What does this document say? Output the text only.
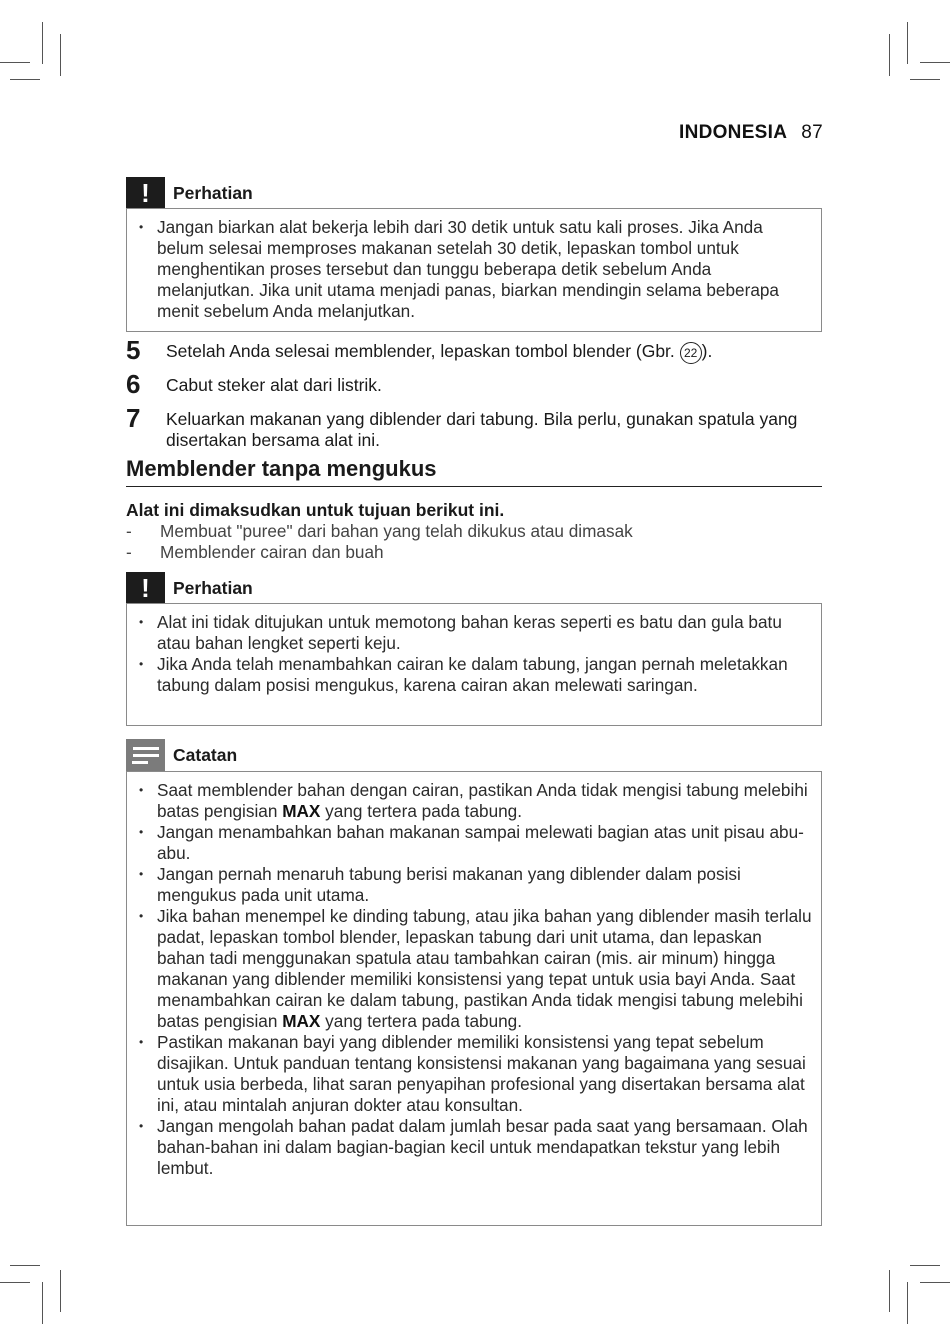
INDONESIA 87
!	Perhatian
• Jangan biarkan alat bekerja lebih dari 30 detik untuk satu kali proses. Jika Anda belum selesai memproses makanan setelah 30 detik, lepaskan tombol untuk menghentikan proses tersebut dan tunggu beberapa detik sebelum Anda melanjutkan. Jika unit utama menjadi panas, biarkan mendingin selama beberapa menit sebelum Anda melanjutkan.
5	Setelah Anda selesai memblender, lepaskan tombol blender (Gbr. 22 ).
6	Cabut steker alat dari listrik.
7	Keluarkan makanan yang diblender dari tabung. Bila perlu, gunakan spatula yang disertakan bersama alat ini.
Memblender tanpa mengukus
Alat ini dimaksudkan untuk tujuan berikut ini.
-	Membuat "puree" dari bahan yang telah dikukus atau dimasak
-	Memblender cairan dan buah
!	Perhatian
• Alat ini tidak ditujukan untuk memotong bahan keras seperti es batu dan gula batu atau bahan lengket seperti keju.
• Jika Anda telah menambahkan cairan ke dalam tabung, jangan pernah meletakkan tabung dalam posisi mengukus, karena cairan akan melewati saringan.
Catatan
• Saat memblender bahan dengan cairan, pastikan Anda tidak mengisi tabung melebihi batas pengisian MAX yang tertera pada tabung.
• Jangan menambahkan bahan makanan sampai melewati bagian atas unit pisau abu-abu.
• Jangan pernah menaruh tabung berisi makanan yang diblender dalam posisi mengukus pada unit utama.
• Jika bahan menempel ke dinding tabung, atau jika bahan yang diblender masih terlalu padat, lepaskan tombol blender, lepaskan tabung dari unit utama, dan lepaskan bahan tadi menggunakan spatula atau tambahkan cairan (mis. air minum) hingga makanan yang diblender memiliki konsistensi yang tepat untuk usia bayi Anda. Saat menambahkan cairan ke dalam tabung, pastikan Anda tidak mengisi tabung melebihi batas pengisian MAX yang tertera pada tabung.
• Pastikan makanan bayi yang diblender memiliki konsistensi yang tepat sebelum disajikan. Untuk panduan tentang konsistensi makanan yang bagaimana yang sesuai untuk usia berbeda, lihat saran penyapihan profesional yang disertakan bersama alat ini, atau mintalah anjuran dokter atau konsultan.
• Jangan mengolah bahan padat dalam jumlah besar pada saat yang bersamaan. Olah bahan-bahan ini dalam bagian-bagian kecil untuk mendapatkan tekstur yang lebih lembut.
